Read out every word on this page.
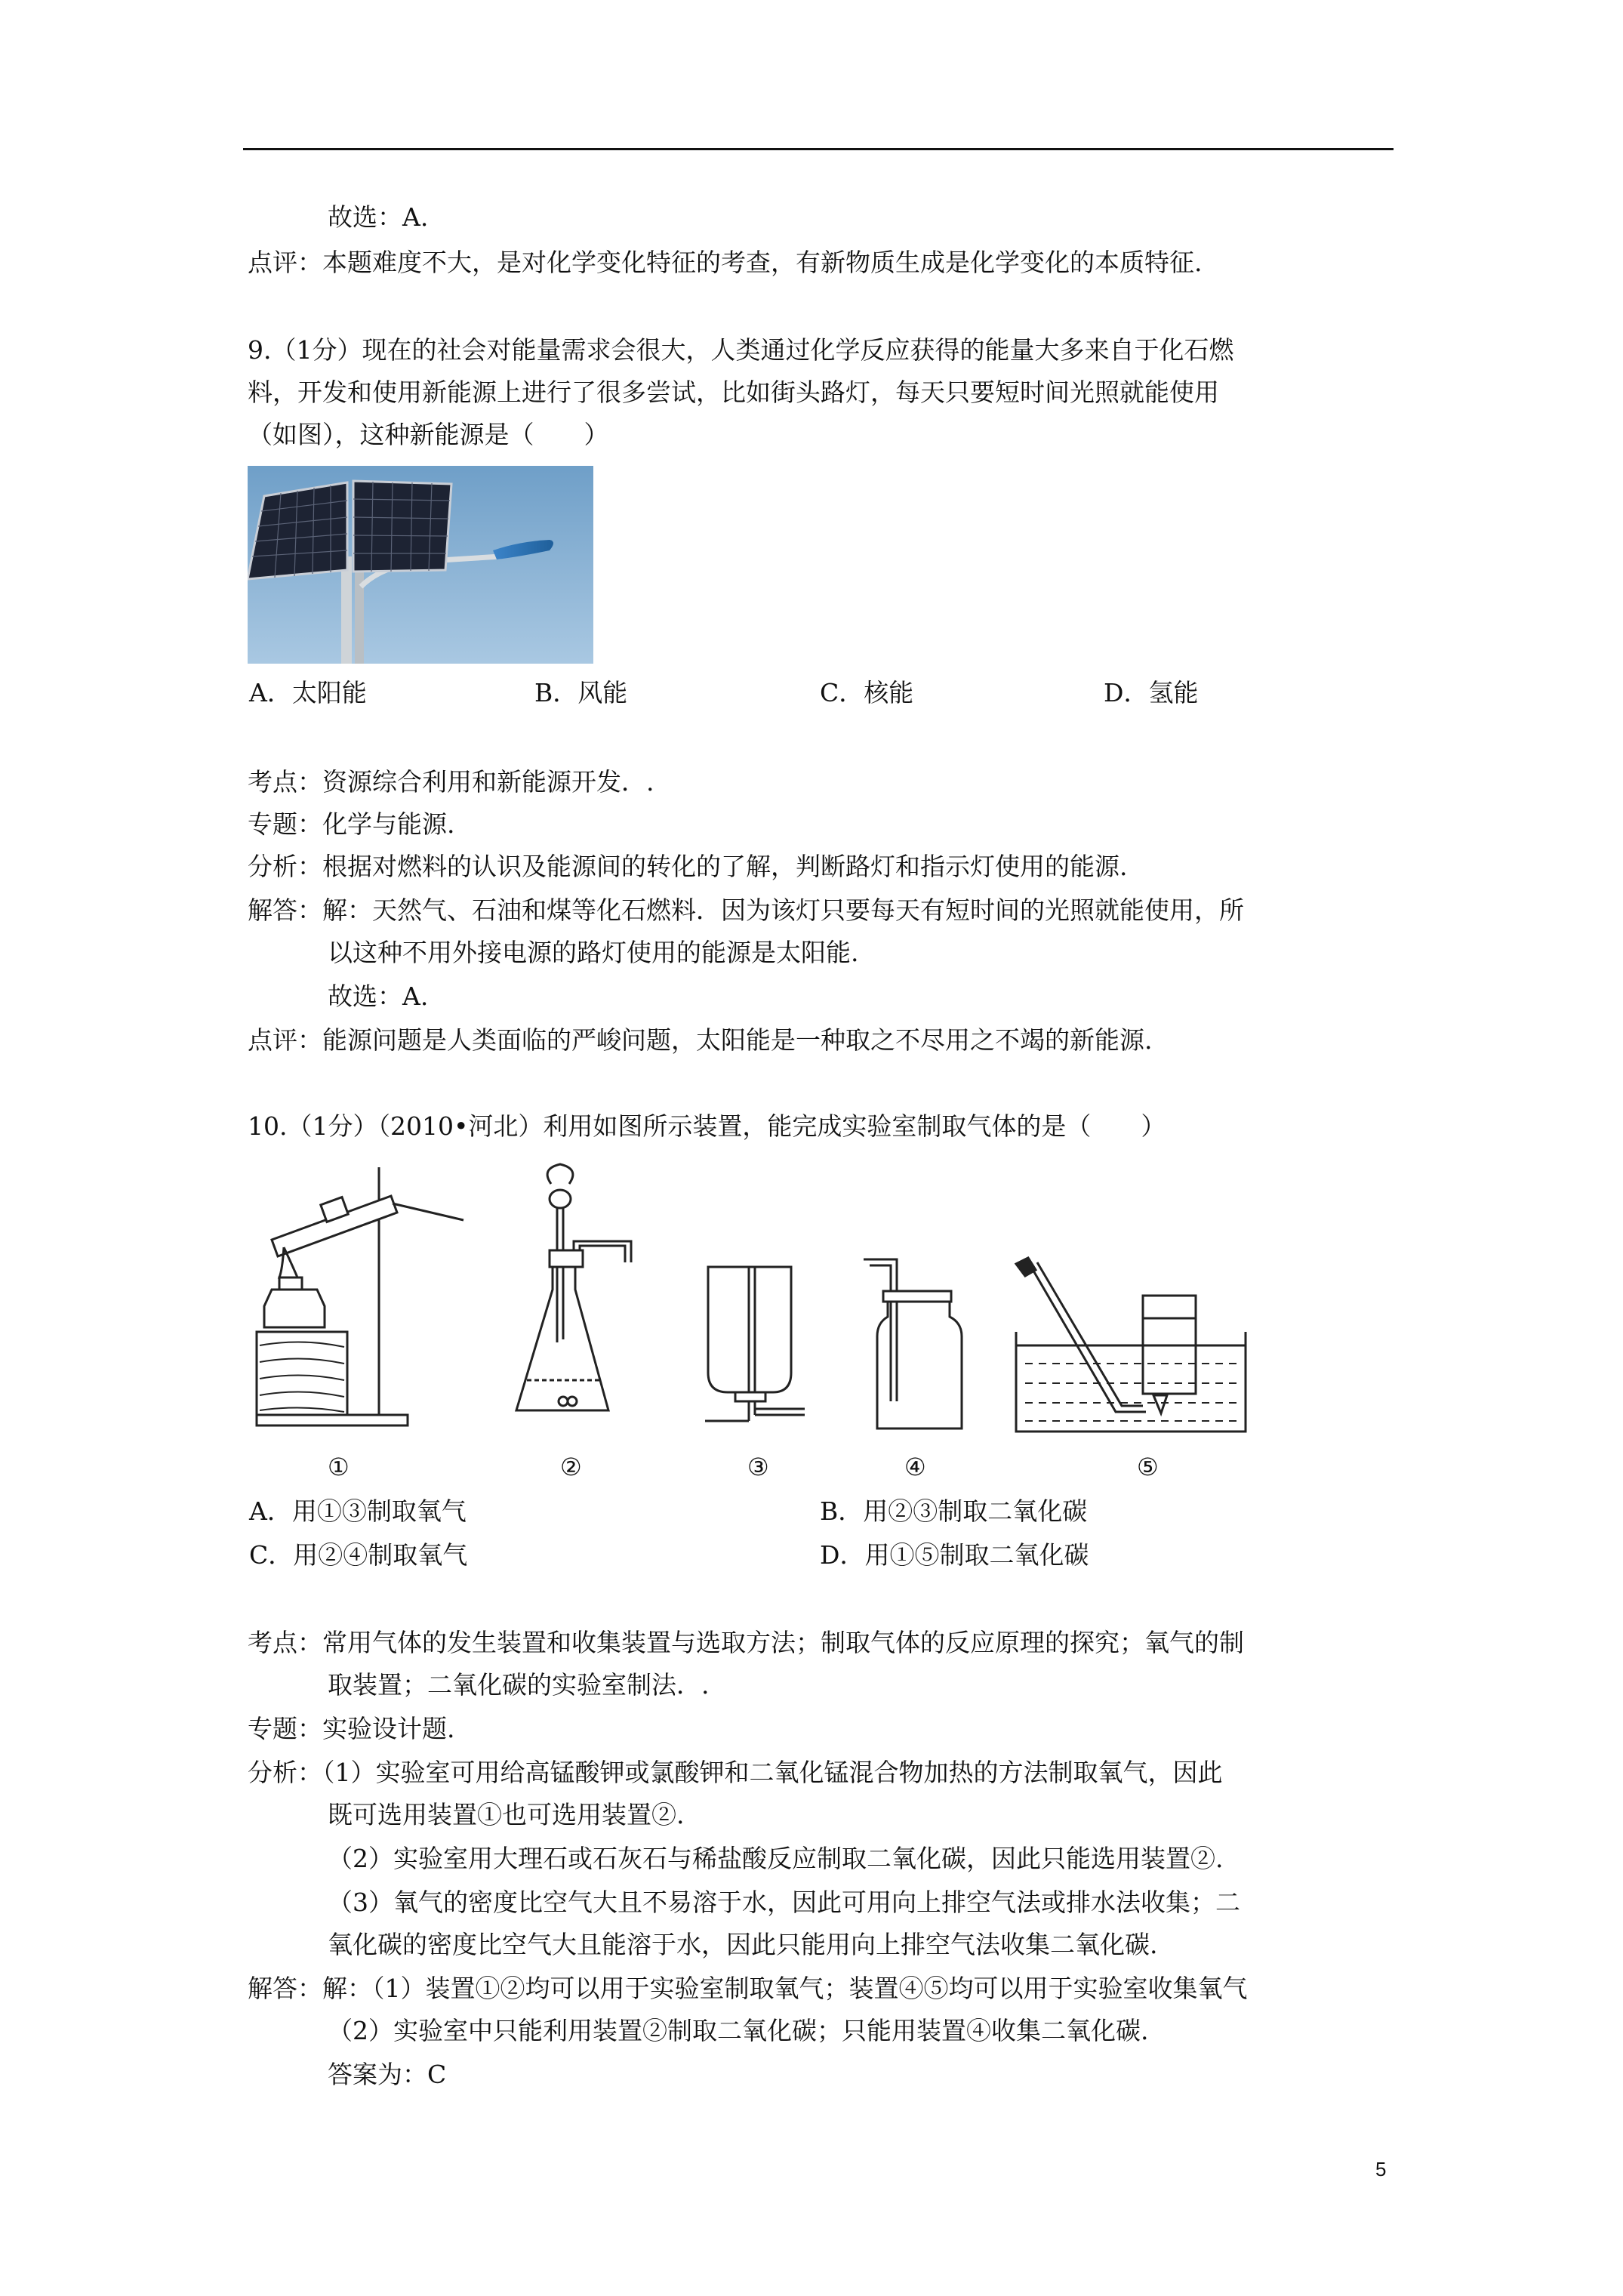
故选：A.
点评：本题难度不大，是对化学变化特征的考查，有新物质生成是化学变化的本质特征.
9.（1分）现在的社会对能量需求会很大，人类通过化学反应获得的能量大多来自于化石燃
料，开发和使用新能源上进行了很多尝试，比如街头路灯，每天只要短时间光照就能使用
（如图），这种新能源是（　　）
A．太阳能	B．风能	C．核能	D．氢能
考点：资源综合利用和新能源开发．.
专题：化学与能源.
分析：根据对燃料的认识及能源间的转化的了解，判断路灯和指示灯使用的能源.
解答：解：天然气、石油和煤等化石燃料．因为该灯只要每天有短时间的光照就能使用，所
以这种不用外接电源的路灯使用的能源是太阳能.
故选：A.
点评：能源问题是人类面临的严峻问题，太阳能是一种取之不尽用之不竭的新能源.
10.（1分）（2010•河北）利用如图所示装置，能完成实验室制取气体的是（　　）
①	②	③	④	⑤
A．用①③制取氧气	B．用②③制取二氧化碳
C．用②④制取氧气	D．用①⑤制取二氧化碳
考点：常用气体的发生装置和收集装置与选取方法；制取气体的反应原理的探究；氧气的制
取装置；二氧化碳的实验室制法．.
专题：实验设计题.
分析：（1）实验室可用给高锰酸钾或氯酸钾和二氧化锰混合物加热的方法制取氧气，因此
既可选用装置①也可选用装置②.
（2）实验室用大理石或石灰石与稀盐酸反应制取二氧化碳，因此只能选用装置②.
（3）氧气的密度比空气大且不易溶于水，因此可用向上排空气法或排水法收集；二
氧化碳的密度比空气大且能溶于水，因此只能用向上排空气法收集二氧化碳.
解答：解：（1）装置①②均可以用于实验室制取氧气；装置④⑤均可以用于实验室收集氧气
（2）实验室中只能利用装置②制取二氧化碳；只能用装置④收集二氧化碳.
答案为：C
5
